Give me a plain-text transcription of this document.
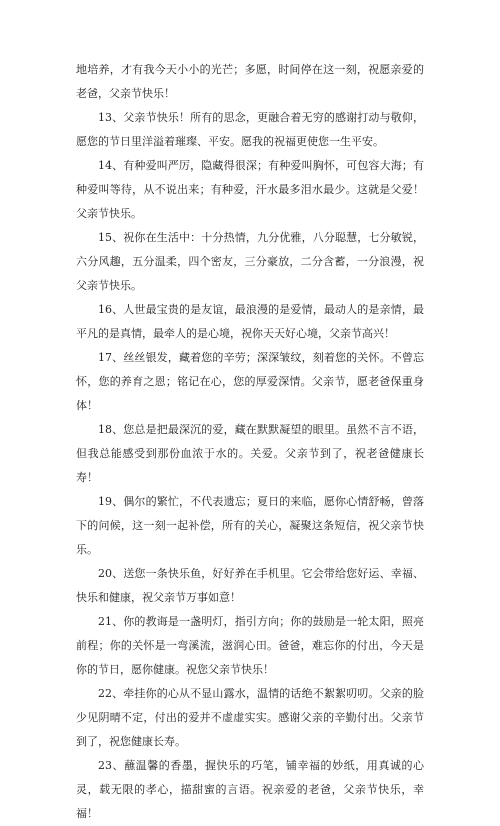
地培养，才有我今天小小的光芒；多愿，时间停在这一刻，祝愿亲爱的老爸，父亲节快乐！

13、父亲节快乐！所有的思念，更融合着无穷的感谢打动与敬仰，愿您的节日里洋溢着璀璨、平安。愿我的祝福更使您一生平安。

14、有种爱叫严厉，隐藏得很深；有种爱叫胸怀，可包容大海；有种爱叫等待，从不说出来；有种爱，汗水最多泪水最少。这就是父爱！父亲节快乐。

15、祝你在生活中：十分热情，九分优雅，八分聪慧，七分敏锐，六分风趣，五分温柔，四个密友，三分豪放，二分含蓄，一分浪漫，祝父亲节快乐。

16、人世最宝贵的是友谊，最浪漫的是爱情，最动人的是亲情，最平凡的是真情，最牵人的是心境，祝你天天好心境，父亲节高兴！

17、丝丝银发，藏着您的辛劳；深深皱纹，刻着您的关怀。不曾忘怀，您的养育之恩；铭记在心，您的厚爱深情。父亲节，愿老爸保重身体！

18、您总是把最深沉的爱，藏在默默凝望的眼里。虽然不言不语，但我总能感受到那份血浓于水的。关爱。父亲节到了，祝老爸健康长寿！

19、偶尔的繁忙，不代表遗忘；夏日的来临，愿你心情舒畅，曾落下的问候，这一刻一起补偿，所有的关心，凝聚这条短信，祝父亲节快乐。

20、送您一条快乐鱼，好好养在手机里。它会带给您好运、幸福、快乐和健康，祝父亲节万事如意！

21、你的教诲是一盏明灯，指引方向；你的鼓励是一轮太阳，照亮前程；你的关怀是一弯溪流，滋润心田。爸爸，难忘你的付出，今天是你的节日，愿你健康。祝您父亲节快乐！

22、牵挂你的心从不显山露水，温情的话绝不絮絮叨叨。父亲的脸少见阴晴不定，付出的爱并不虚虚实实。感谢父亲的辛勤付出。父亲节到了，祝您健康长寿。

23、蘸温馨的香墨，握快乐的巧笔，铺幸福的妙纸，用真诚的心灵，载无限的孝心，描甜蜜的言语。祝亲爱的老爸，父亲节快乐，幸福！
